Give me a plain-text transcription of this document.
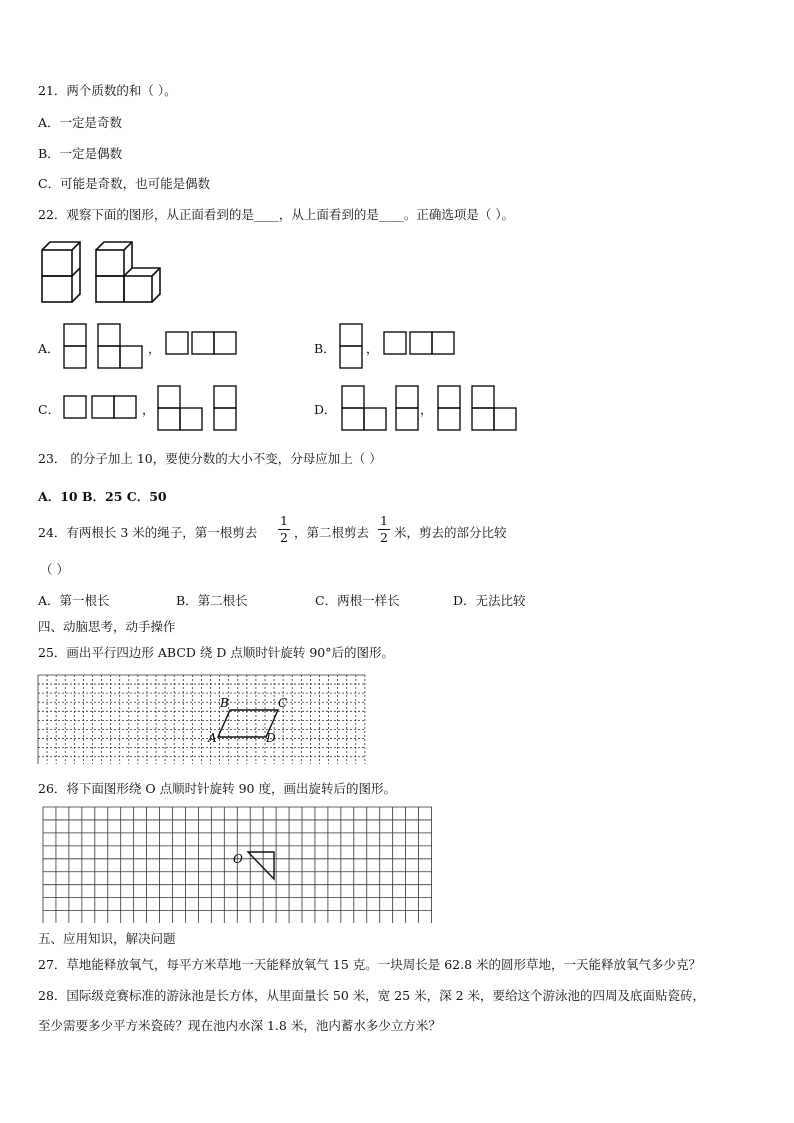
21．两个质数的和（ ）。
A．一定是奇数
B．一定是偶数
C．可能是奇数，也可能是偶数
22．观察下面的图形，从正面看到的是____，从上面看到的是____。正确选项是（ ）。
A．	，	B． ，
C．	，	D．	，
23． 的分子加上 10，要使分数的大小不变，分母应加上（ ）
A．10 B．25 C．50
24．有两根长 3 米的绳子，第一根剪去
1
2 ，第二根剪去
1
2 米，剪去的部分比较
（ ）
A．第一根长	B．第二根长	C．两根一样长	D．无法比较
四、动脑思考，动手操作
25．画出平行四边形 ABCD 绕 D 点顺时针旋转 90°后的图形。
B	C
A	D
26．将下面图形绕 O 点顺时针旋转 90 度，画出旋转后的图形。
O
五、应用知识，解决问题
27．草地能释放氧气，每平方米草地一天能释放氧气 15 克。一块周长是 62.8 米的圆形草地，一天能释放氧气多少克？
28．国际级竞赛标准的游泳池是长方体，从里面量长 50 米，宽 25 米，深 2 米，要给这个游泳池的四周及底面贴瓷砖，
至少需要多少平方米瓷砖？现在池内水深 1.8 米，池内蓄水多少立方米？
